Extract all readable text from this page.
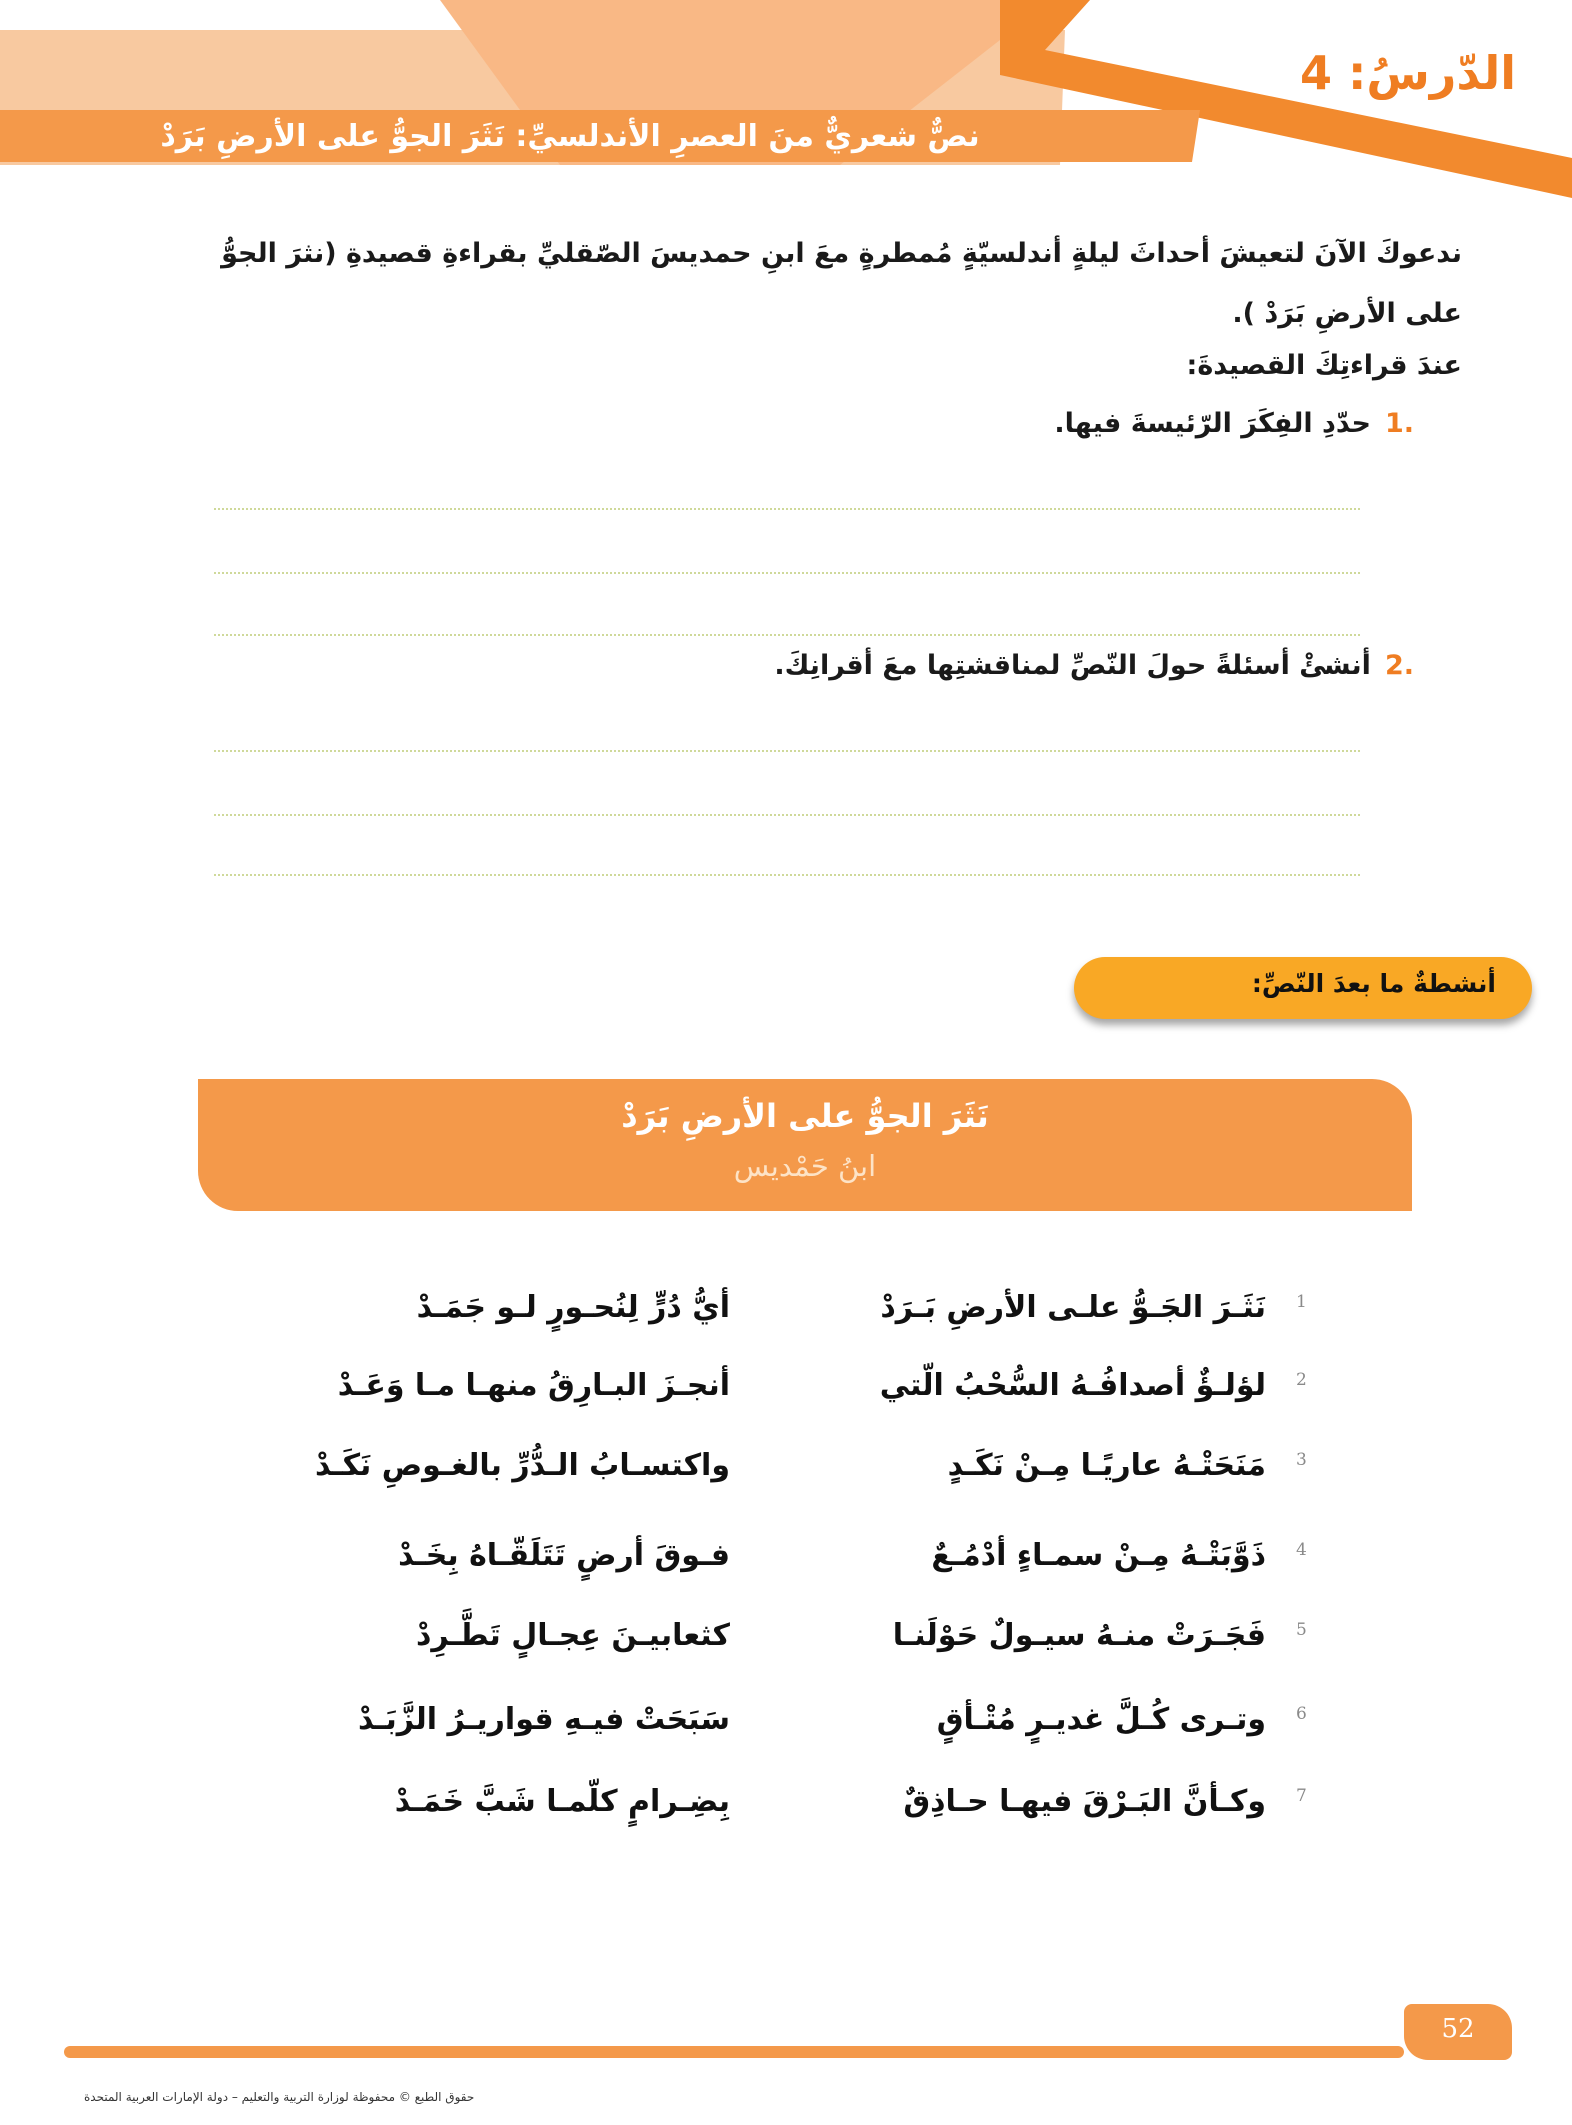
الدّرسُ: 4
نصٌّ شعريٌّ منَ العصرِ الأندلسيِّ: نَثَرَ الجوُّ على الأرضِ بَرَدْ

ندعوكَ الآنَ لتعيشَ أحداثَ ليلةٍ أندلسيّةٍ مُمطرةٍ معَ ابنِ حمديسَ الصّقليِّ بقراءةِ قصيدةِ (نثرَ الجوُّ

على الأرضِ بَرَدْ ).

عندَ قراءتِكَ القصيدةَ:

.1حدّدِ الفِكَرَ الرّئيسةَ فيها.
.2أنشئْ أسئلةً حولَ النّصِّ لمناقشتِها معَ أقرانِكَ.
أنشطةٌ ما بعدَ النّصِّ:
نَثَرَ الجوُّ على الأرضِ بَرَدْ
ابنُ حَمْديس
1
نَثَـرَ الجَـوُّ علـى الأرضِ بَـرَدْ
أيُّ دُرٍّ لِنُحـورٍ لـو جَمَـدْ
2
لؤلـؤٌ أصدافُـهُ السُّحْبُ الّتي
أنجـزَ البـارِقُ منهـا مـا وَعَـدْ
3
مَنَحَتْـهُ عاريًـا مِـنْ نَكَـدٍ
واكتسـابُ الـدُّرِّ بالغـوصِ نَكَـدْ
4
ذَوَّبَتْـهُ مِـنْ سمـاءٍ أدْمُـعٌ
فـوقَ أرضٍ تَتَلَقّـاهُ بِخَـدْ
5
فَجَـرَتْ منـهُ سيـولٌ حَوْلَنـا
كثعابيـنَ عِجـالٍ تَطَّـرِدْ
6
وتـرى كُـلَّ غديـرٍ مُتْـأقٍ
سَبَحَتْ فيـهِ قواريـرُ الزَّبَـدْ
7
وكـأنَّ البَـرْقَ فيهـا حـاذِقٌ
بِضِـرامٍ كلّمـا شَبَّ خَمَـدْ
52
حقوق الطبع © محفوظة لوزارة التربية والتعليم – دولة الإمارات العربية المتحدة
